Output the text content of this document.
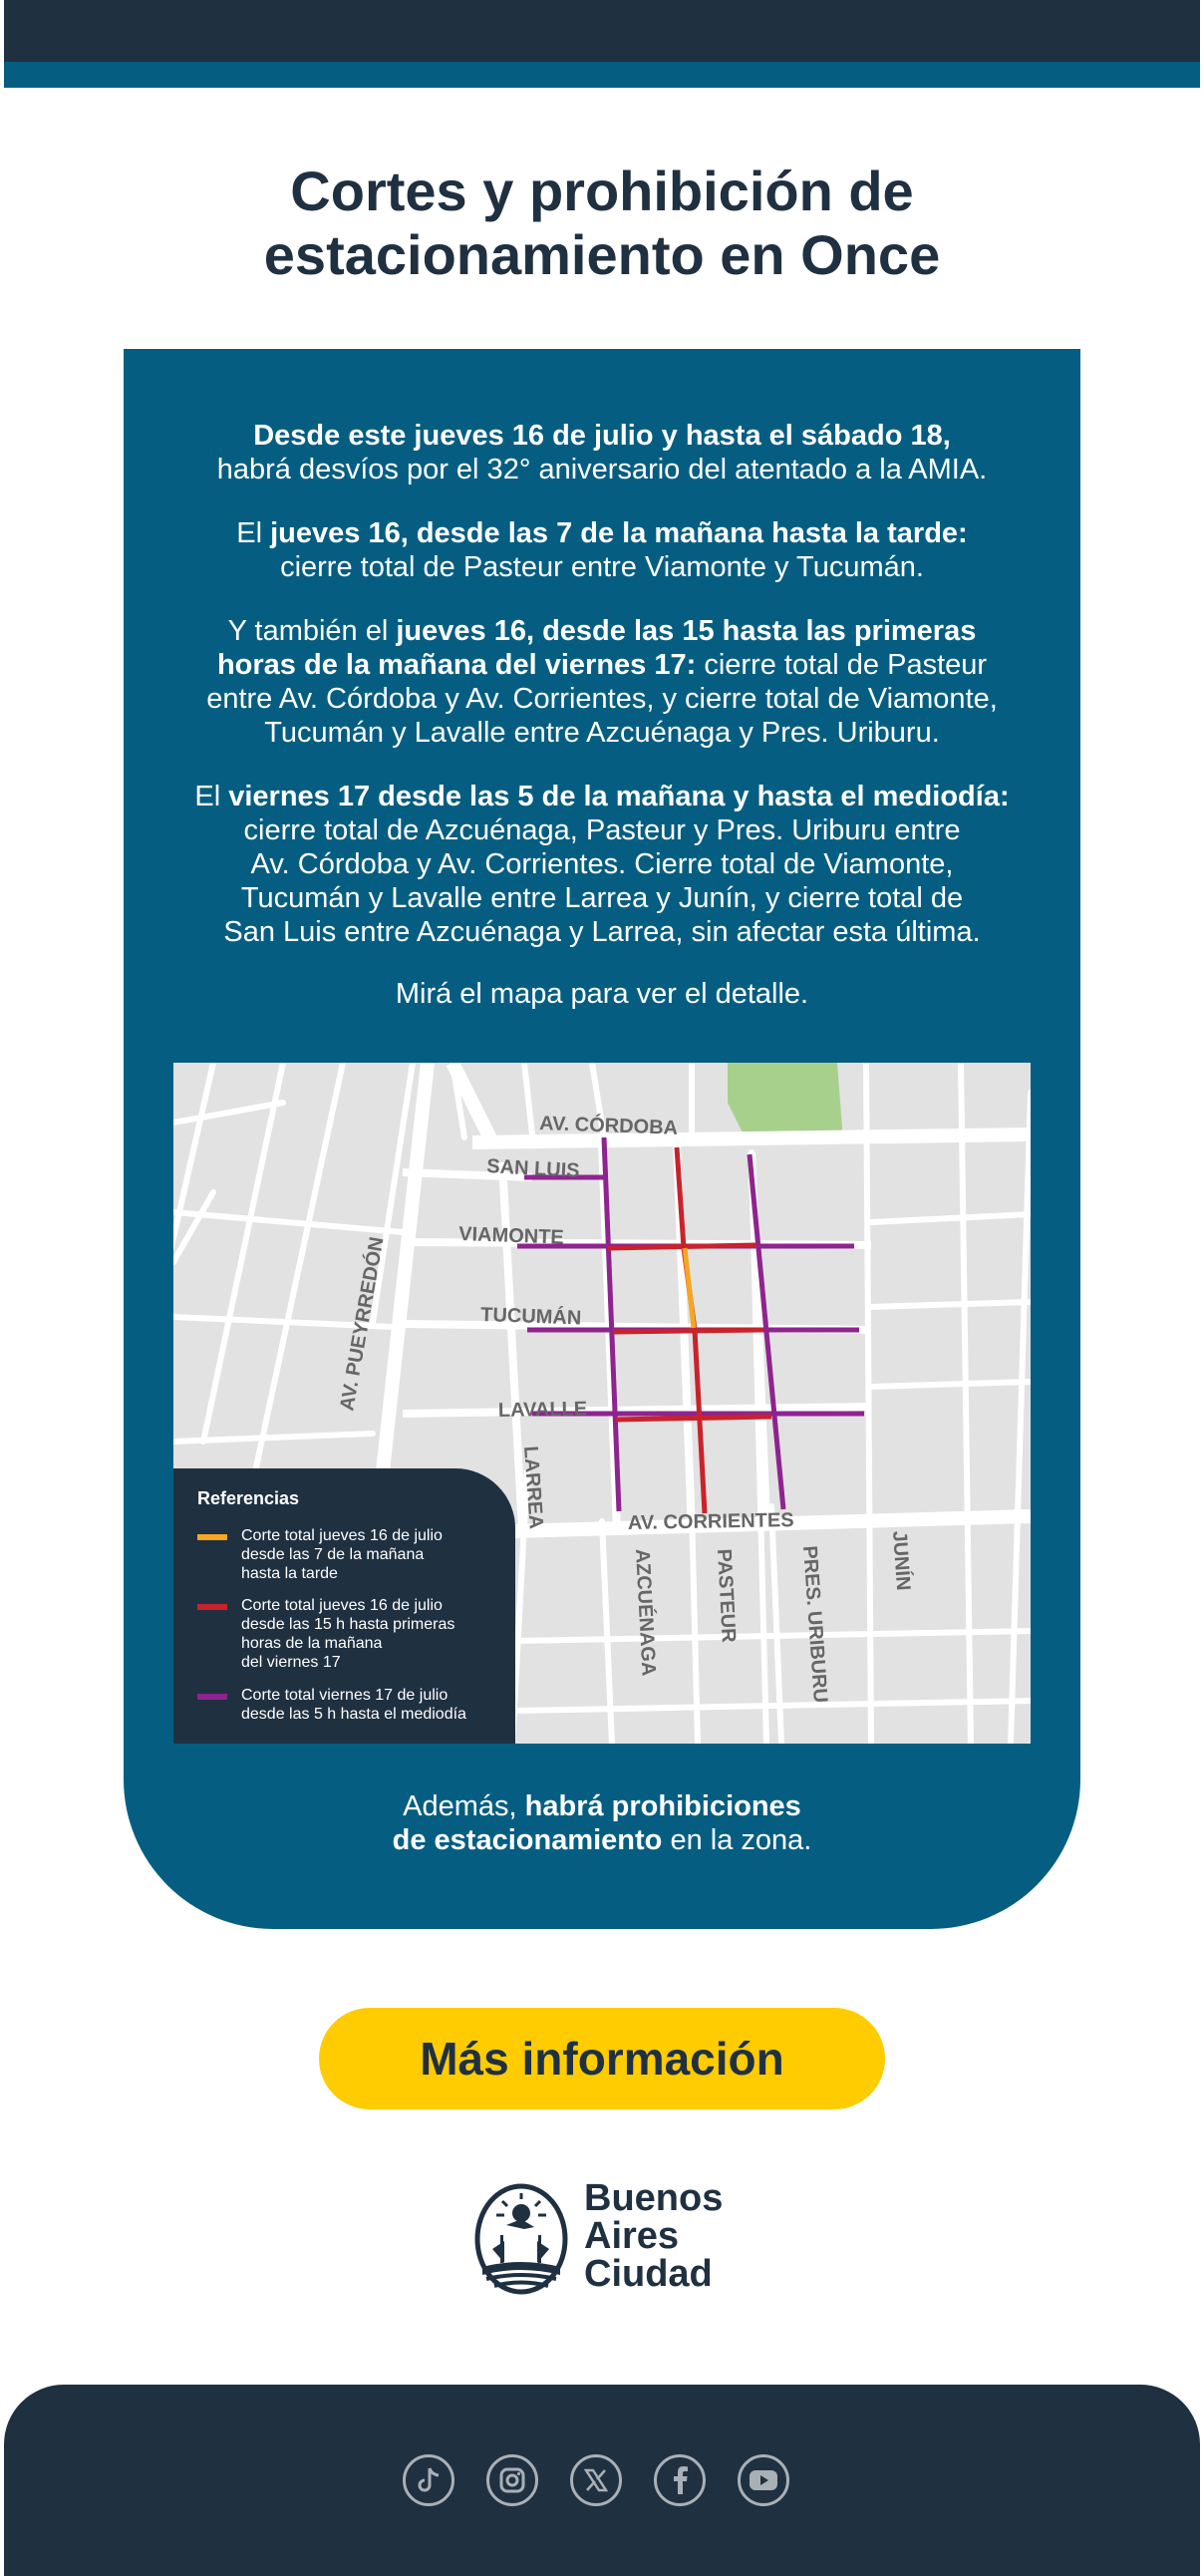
Cortes y prohibición de
estacionamiento en Once

Desde este jueves 16 de julio y hasta el sábado 18,
habrá desvíos por el 32° aniversario del atentado a la AMIA.

El jueves 16, desde las 7 de la mañana hasta la tarde:
cierre total de Pasteur entre Viamonte y Tucumán.

Y también el jueves 16, desde las 15 hasta las primeras
horas de la mañana del viernes 17: cierre total de Pasteur
entre Av. Córdoba y Av. Corrientes, y cierre total de Viamonte,
Tucumán y Lavalle entre Azcuénaga y Pres. Uriburu.

El viernes 17 desde las 5 de la mañana y hasta el mediodía:
cierre total de Azcuénaga, Pasteur y Pres. Uriburu entre
Av. Córdoba y Av. Corrientes. Cierre total de Viamonte,
Tucumán y Lavalle entre Larrea y Junín, y cierre total de
San Luis entre Azcuénaga y Larrea, sin afectar esta última.

Mirá el mapa para ver el detalle.

AV. CÓRDOBA
SAN LUIS
VIAMONTE
TUCUMÁN
LAVALLE
AV. CORRIENTES
AV. PUEYRREDÓN
LARREA
AZCUÉNAGA	PASTEUR	PRES. URIBURU	JUNÍN
Referencias
Corte total jueves 16 de julio
desde las 7 de la mañana
hasta la tarde
Corte total jueves 16 de julio
desde las 15 h hasta primeras
horas de la mañana
del viernes 17
Corte total viernes 17 de julio
desde las 5 h hasta el mediodía

Además, habrá prohibiciones
de estacionamiento en la zona.

Más información
Buenos
Aires
Ciudad
